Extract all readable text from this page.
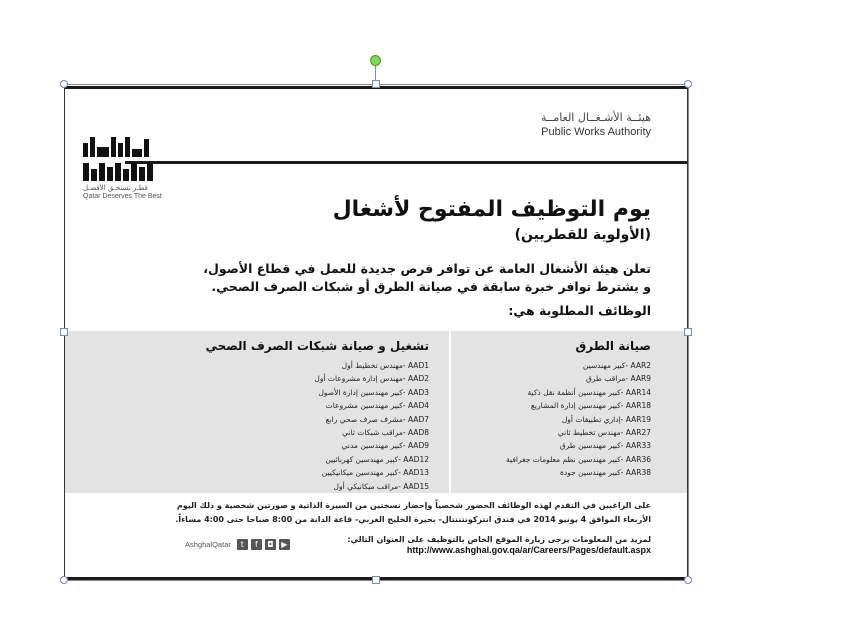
هيئــة الأشـغــال العامــة
Public Works Authority
قطـر تستحـق الأفضـل
Qatar Deserves The Best
يوم التوظيف المفتوح لأشغال
(الأولوية للقطريين)
تعلن هيئة الأشغال العامة عن توافر فرص جديدة للعمل في قطاع الأصول،
و يشترط توافر خبرة سابقة في صيانة الطرق أو شبكات الصرف الصحي.
الوظائف المطلوبة هي:
صيانة الطرق
AAR2 -كبير مهندسين
AAR9 -مراقب طرق
AAR14 -كبير مهندسين أنظمة نقل ذكية
AAR18 -كبير مهندسين إدارة المشاريع
AAR19 -إداري تطبيقات أول
AAR27 -مهندس تخطيط ثاني
AAR33 -كبير مهندسين طرق
AAR36 -كبير مهندسين نظم معلومات جغرافية
AAR38 -كبير مهندسين جودة
تشغيل و صيانة شبكات الصرف الصحي
AAD1 -مهندس تخطيط أول
AAD2 -مهندس إدارة مشروعات أول
AAD3 -كبير مهندسين إدارة الأصول
AAD4 -كبير مهندسين مشروعات
AAD7 -مشرف صرف صحي رابع
AAD8 -مراقب شبكات ثاني
AAD9 -كبير مهندسين مدني
AAD12 -كبير مهندسين كهربائيين
AAD13 -كبير مهندسين ميكانيكيين
AAD15 -مراقب ميكانيكي أول
على الراغبين في التقدم لهذه الوظائف الحضور شخصياً وإحضار نسختين من السيرة الذاتية و صورتين شخصية و ذلك اليوم
الأربعاء الموافق 4 يونيو 2014 في فندق انتركونتننتال- بحيرة الخليج الغربي- قاعة الدانة من 8:00 صباحا حتى 4:00 مساءاً.
لمزيد من المعلومات يرجى زيارة الموقع الخاص بالتوظيف على العنوان التالي:
http://www.ashghal.gov.qa/ar/Careers/Pages/default.aspx
AshghalQatar	t	f	◘ ▶
